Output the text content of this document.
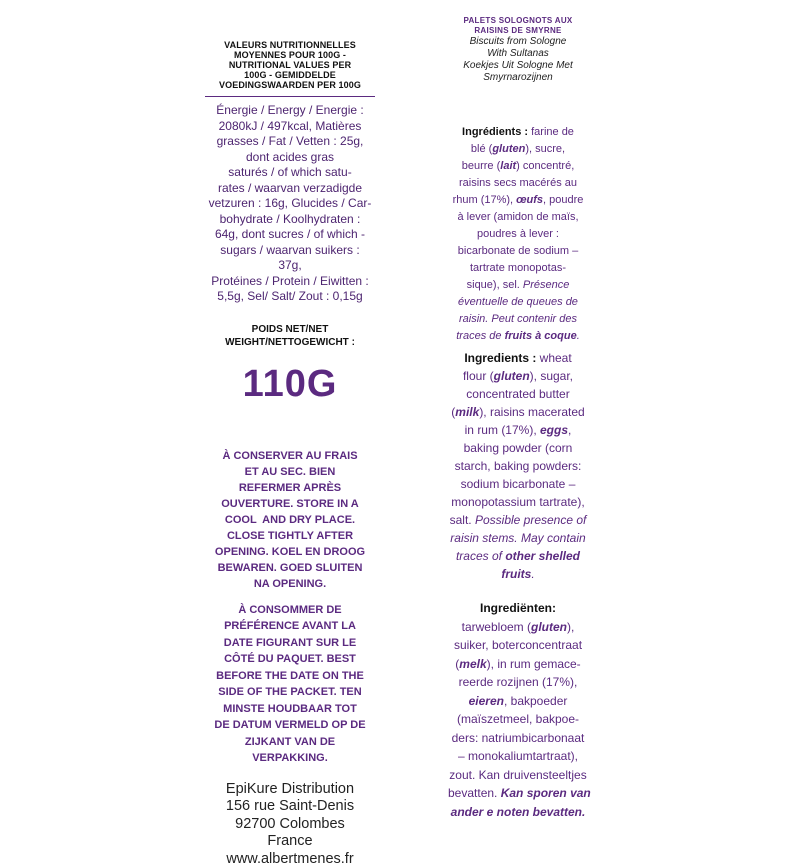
VALEURS NUTRITIONNELLES
MOYENNES POUR 100G -
NUTRITIONAL VALUES PER
100G - GEMIDDELDE
VOEDINGSWAARDEN PER 100G
Énergie / Energy / Energie :
2080kJ / 497kcal, Matières
grasses / Fat / Vetten : 25g,
dont acides gras
saturés / of which satu-
rates / waarvan verzadigde
vetzuren : 16g, Glucides / Car-
bohydrate / Koolhydraten :
64g, dont sucres / of which -
sugars / waarvan suikers :
37g,
Protéines / Protein / Eiwitten :
5,5g, Sel/ Salt/ Zout : 0,15g
POIDS NET/NET
WEIGHT/NETTOGEWICHT :
110G
À CONSERVER AU FRAIS
ET AU SEC. BIEN
REFERMER APRÈS
OUVERTURE. STORE IN A
COOL  AND DRY PLACE.
CLOSE TIGHTLY AFTER
OPENING. KOEL EN DROOG
BEWAREN. GOED SLUITEN
NA OPENING.
À CONSOMMER DE
PRÉFÉRENCE AVANT LA
DATE FIGURANT SUR LE
CÔTÉ DU PAQUET. BEST
BEFORE THE DATE ON THE
SIDE OF THE PACKET. TEN
MINSTE HOUDBAAR TOT
DE DATUM VERMELD OP DE
ZIJKANT VAN DE
VERPAKKING.
EpiKure Distribution
156 rue Saint-Denis
92700 Colombes
France
www.albertmenes.fr
PALETS SOLOGNOTS AUX
RAISINS DE SMYRNE
Biscuits from Sologne
With Sultanas
Koekjes Uit Sologne Met
Smyrnarozijnen
Ingrédients : farine de
blé (gluten), sucre,
beurre (lait) concentré,
raisins secs macérés au
rhum (17%), œufs, poudre
à lever (amidon de maïs,
poudres à lever :
bicarbonate de sodium –
tartrate monopotas-
sique), sel. Présence
éventuelle de queues de
raisin. Peut contenir des
traces de fruits à coque.
Ingredients : wheat
flour (gluten), sugar,
concentrated butter
(milk), raisins macerated
in rum (17%), eggs,
baking powder (corn
starch, baking powders:
sodium bicarbonate –
monopotassium tartrate),
salt. Possible presence of
raisin stems. May contain
traces of other shelled
fruits.
Ingrediënten:
tarwebloem (gluten),
suiker, boterconcentraat
(melk), in rum gemace-
reerde rozijnen (17%),
eieren, bakpoeder
(maïszetmeel, bakpoe-
ders: natriumbicarbonaat
– monokaliumtartraat),
zout. Kan druivensteeltjes
bevatten. Kan sporen van
ander e noten bevatten.
